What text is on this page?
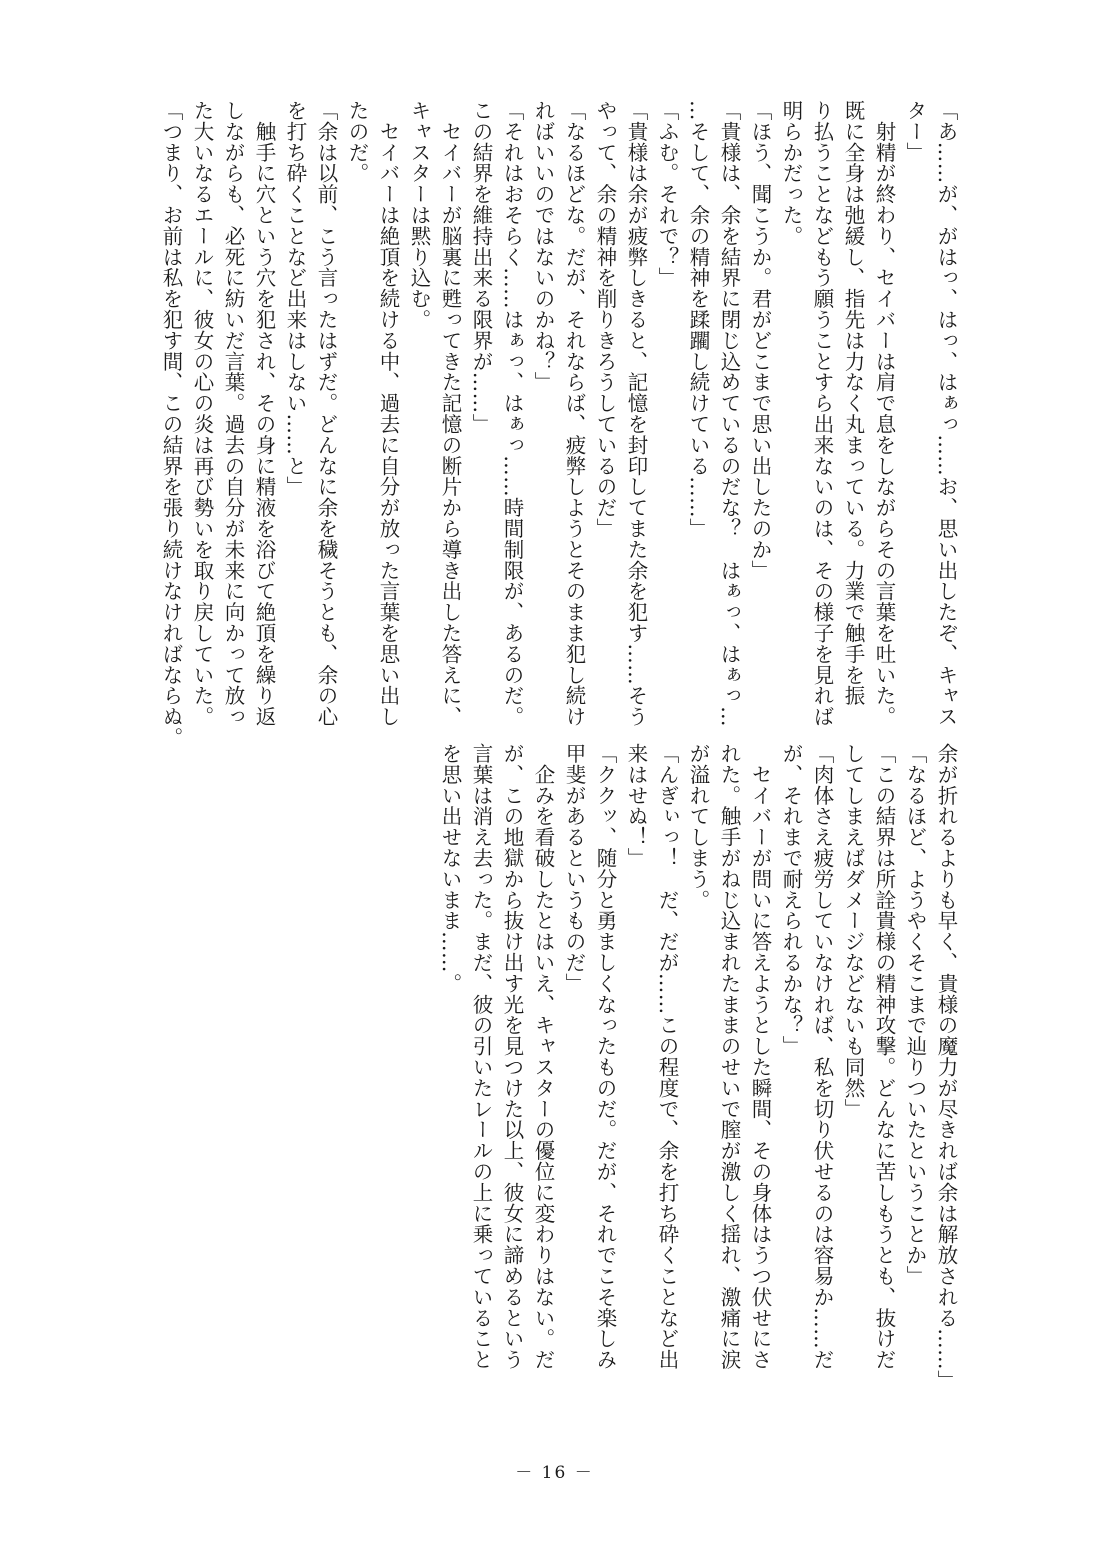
「あ……が、がはっ、はっ、はぁっ……お、思い出したぞ、キャス
ター」
　射精が終わり、セイバーは肩で息をしながらその言葉を吐いた。
既に全身は弛緩し、指先は力なく丸まっている。力業で触手を振
り払うことなどもう願うことすら出来ないのは、その様子を見れば
明らかだった。
「ほう、聞こうか。君がどこまで思い出したのか」
「貴様は、余を結界に閉じ込めているのだな？　はぁっ、はぁっ…
…そして、余の精神を蹂躙し続けている……」
「ふむ。それで？」
「貴様は余が疲弊しきると、記憶を封印してまた余を犯す……そう
やって、余の精神を削りきろうしているのだ」
「なるほどな。だが、それならば、疲弊しようとそのまま犯し続け
ればいいのではないのかね？」
「それはおそらく……はぁっ、はぁっ……時間制限が、あるのだ。
この結界を維持出来る限界が……」
　セイバーが脳裏に甦ってきた記憶の断片から導き出した答えに、
キャスターは黙り込む。
　セイバーは絶頂を続ける中、過去に自分が放った言葉を思い出し
たのだ。
「余は以前、こう言ったはずだ。どんなに余を穢そうとも、余の心
を打ち砕くことなど出来はしない……と」
　触手に穴という穴を犯され、その身に精液を浴びて絶頂を繰り返
しながらも、必死に紡いだ言葉。過去の自分が未来に向かって放っ
た大いなるエールに、彼女の心の炎は再び勢いを取り戻していた。
「つまり、お前は私を犯す間、この結界を張り続けなければならぬ。
余が折れるよりも早く、貴様の魔力が尽きれば余は解放される……」
「なるほど、ようやくそこまで辿りついたということか」
「この結界は所詮貴様の精神攻撃。どんなに苦しもうとも、抜けだ
してしまえばダメージなどないも同然」
「肉体さえ疲労していなければ、私を切り伏せるのは容易か……だ
が、それまで耐えられるかな？」
　セイバーが問いに答えようとした瞬間、その身体はうつ伏せにさ
れた。触手がねじ込まれたままのせいで膣が激しく揺れ、激痛に涙
が溢れてしまう。
「んぎぃっ！　だ、だが……この程度で、余を打ち砕くことなど出
来はせぬ！」
「ククッ、随分と勇ましくなったものだ。だが、それでこそ楽しみ
甲斐があるというものだ」
　企みを看破したとはいえ、キャスターの優位に変わりはない。だ
が、この地獄から抜け出す光を見つけた以上、彼女に諦めるという
言葉は消え去った。まだ、彼の引いたレールの上に乗っていること
を思い出せないまま……。
－ 16 －
